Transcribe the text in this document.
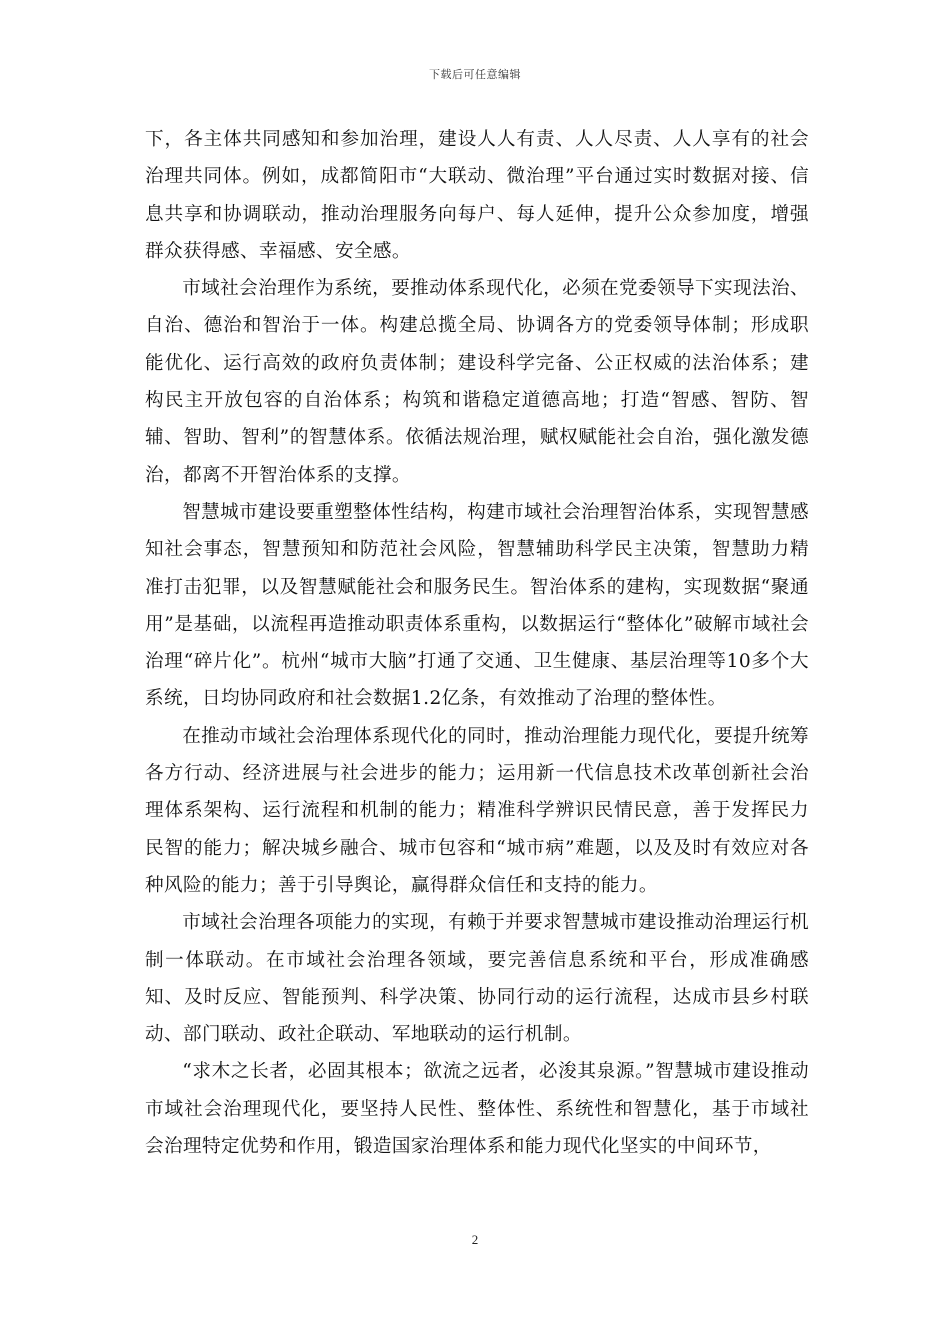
下载后可任意编辑

下，各主体共同感知和参加治理，建设人人有责、人人尽责、人人享有的社会治理共同体。例如，成都简阳市“大联动、微治理”平台通过实时数据对接、信息共享和协调联动，推动治理服务向每户、每人延伸，提升公众参加度，增强群众获得感、幸福感、安全感。

市域社会治理作为系统，要推动体系现代化，必须在党委领导下实现法治、自治、德治和智治于一体。构建总揽全局、协调各方的党委领导体制；形成职能优化、运行高效的政府负责体制；建设科学完备、公正权威的法治体系；建构民主开放包容的自治体系；构筑和谐稳定道德高地；打造“智感、智防、智辅、智助、智利”的智慧体系。依循法规治理，赋权赋能社会自治，强化激发德治，都离不开智治体系的支撑。

智慧城市建设要重塑整体性结构，构建市域社会治理智治体系，实现智慧感知社会事态，智慧预知和防范社会风险，智慧辅助科学民主决策，智慧助力精准打击犯罪，以及智慧赋能社会和服务民生。智治体系的建构，实现数据“聚通用”是基础，以流程再造推动职责体系重构，以数据运行“整体化”破解市域社会治理“碎片化”。杭州“城市大脑”打通了交通、卫生健康、基层治理等10多个大系统，日均协同政府和社会数据1.2亿条，有效推动了治理的整体性。

在推动市域社会治理体系现代化的同时，推动治理能力现代化，要提升统筹各方行动、经济进展与社会进步的能力；运用新一代信息技术改革创新社会治理体系架构、运行流程和机制的能力；精准科学辨识民情民意，善于发挥民力民智的能力；解决城乡融合、城市包容和“城市病”难题，以及及时有效应对各种风险的能力；善于引导舆论，赢得群众信任和支持的能力。

市域社会治理各项能力的实现，有赖于并要求智慧城市建设推动治理运行机制一体联动。在市域社会治理各领域，要完善信息系统和平台，形成准确感知、及时反应、智能预判、科学决策、协同行动的运行流程，达成市县乡村联动、部门联动、政社企联动、军地联动的运行机制。

“求木之长者，必固其根本；欲流之远者，必浚其泉源。”智慧城市建设推动市域社会治理现代化，要坚持人民性、整体性、系统性和智慧化，基于市域社会治理特定优势和作用，锻造国家治理体系和能力现代化坚实的中间环节，

2
